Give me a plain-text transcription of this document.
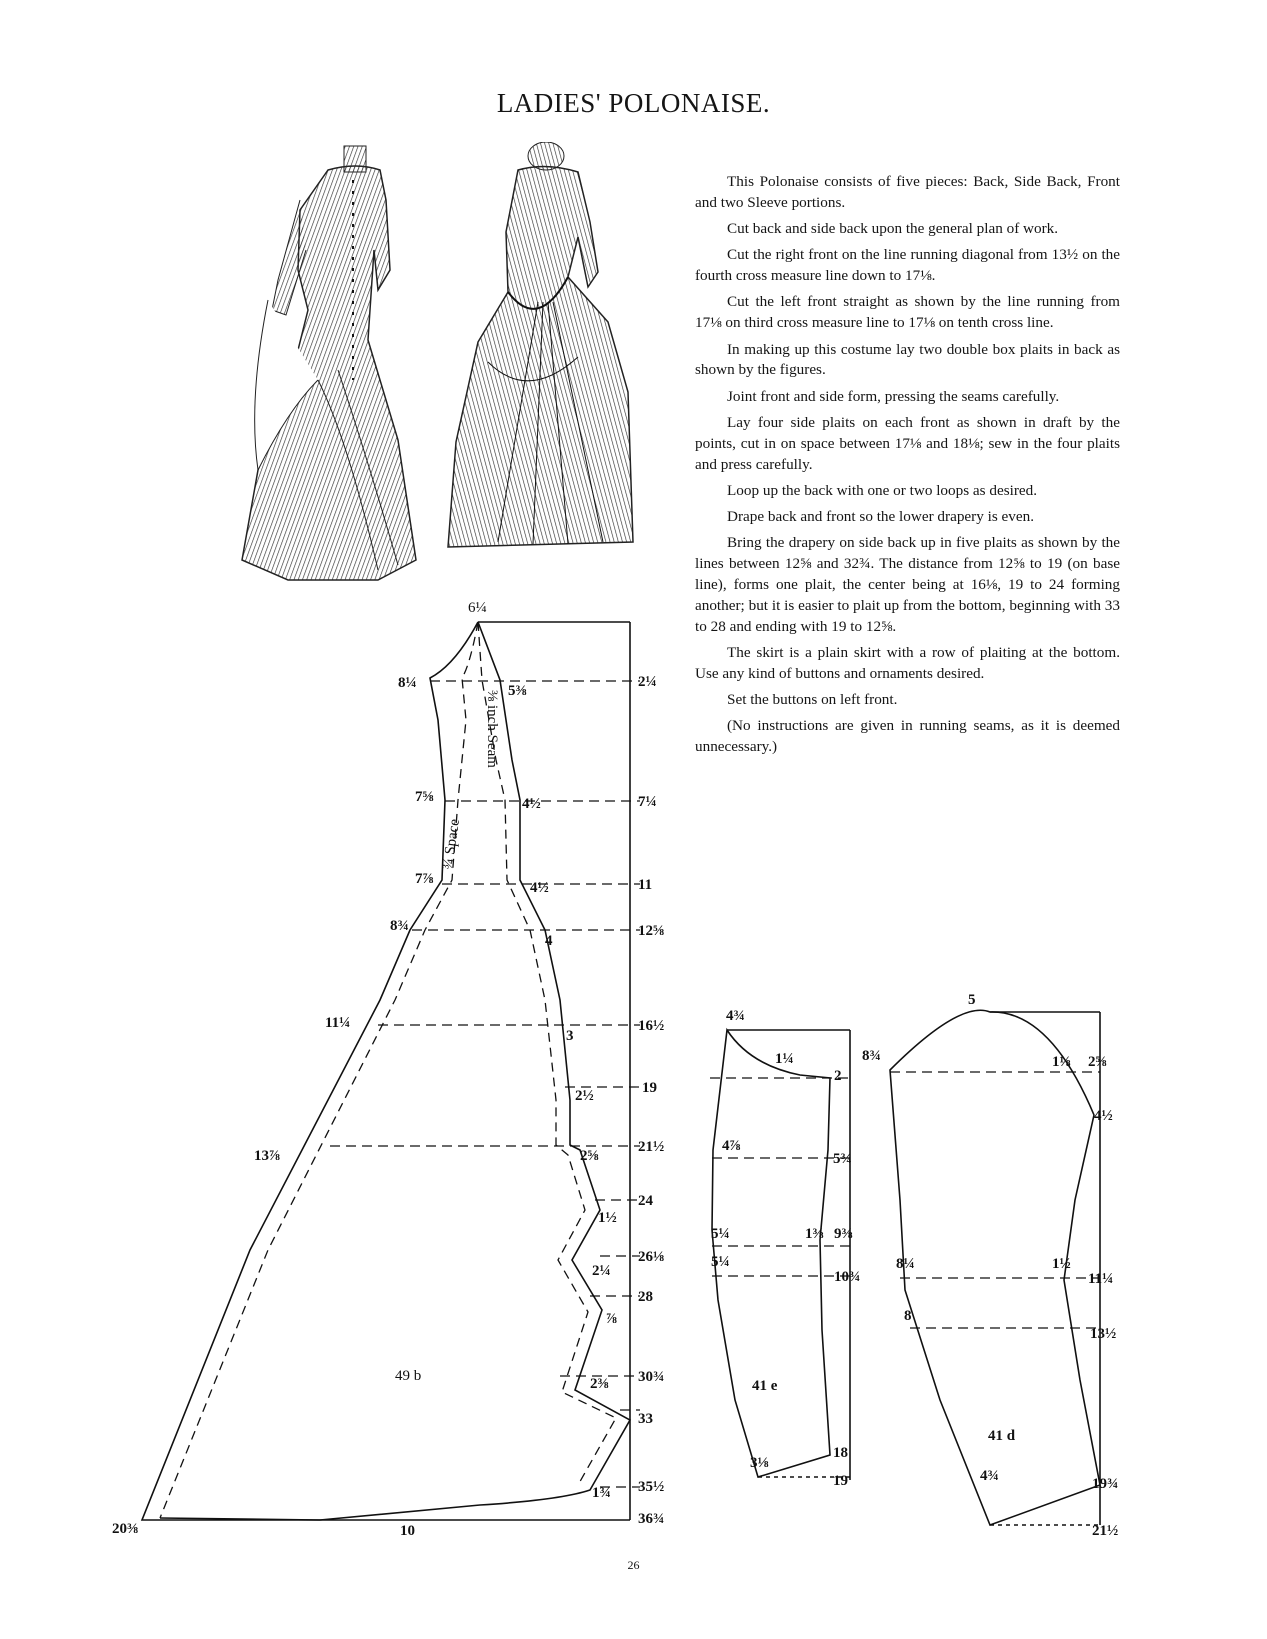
LADIES' POLONAISE.

This Polonaise consists of five pieces: Back, Side Back, Front and two Sleeve portions.

Cut back and side back upon the general plan of work.

Cut the right front on the line running diagonal from 13½ on the fourth cross measure line down to 17⅛.

Cut the left front straight as shown by the line running from 17⅛ on third cross measure line to 17⅛ on tenth cross line.

In making up this costume lay two double box plaits in back as shown by the figures.

Joint front and side form, pressing the seams carefully.

Lay four side plaits on each front as shown in draft by the points, cut in on space between 17⅛ and 18⅛; sew in the four plaits and press carefully.

Loop up the back with one or two loops as desired.

Drape back and front so the lower drapery is even.

Bring the drapery on side back up in five plaits as shown by the lines between 12⅝ and 32¾. The distance from 12⅝ to 19 (on base line), forms one plait, the center being at 16⅛, 19 to 24 forming another; but it is easier to plait up from the bottom, beginning with 33 to 28 and ending with 19 to 12⅝.

The skirt is a plain skirt with a row of plaiting at the bottom. Use any kind of buttons and ornaments desired.

Set the buttons on left front.

(No instructions are given in running seams, as it is deemed unnecessary.)

6¼
8¼
7⅝
7⅞
8¾
11¼
13⅞
20⅜
5⅜
4½
4½
4
3
2½
2⅝
1½
2¼
⅞
2⅜
1¾
2¼
7¼
11
12⅝
16½
19
21½
24
26⅛
28
30¾
33
35½
36¾
10
49 b
⅜ inch Seam
¾ Space
4¾
1¼
2
4⅞
5¾
5¼	1⅜ 9⅜
5¼
10¾
3⅛
18
19
41 e
5
8¾	1⅛ 2⅝
4½
8¼	1½
11¼
8
13½
4¾	19¾
21½
41 d
26
